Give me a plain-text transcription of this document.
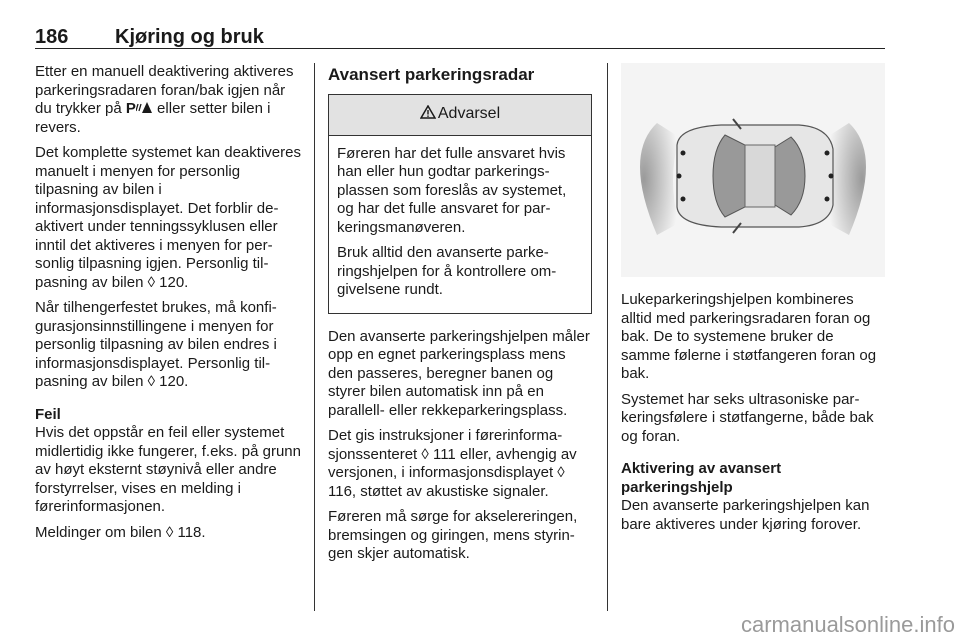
186 Kjøring og bruk

Etter en manuell deaktivering aktiveres parkeringsradaren foran/bak igjen når du trykker på P eller setter bilen i revers.

Det komplette systemet kan deaktiveres manuelt i menyen for personlig tilpasning av bilen i informasjonsdisplayet. Det forblir deaktivert under tenningssyklusen eller inntil det aktiveres i menyen for personlig tilpasning igjen. Personlig tilpasning av bilen ◊ 120.

Når tilhengerfestet brukes, må konfigurasjonsinnstillingene i menyen for personlig tilpasning av bilen endres i informasjonsdisplayet. Personlig tilpasning av bilen ◊ 120.

Feil

Hvis det oppstår en feil eller systemet midlertidig ikke fungerer, f.eks. på grunn av høyt eksternt støynivå eller andre forstyrrelser, vises en melding i førerinformasjonen.

Meldinger om bilen ◊ 118.

Avansert parkeringsradar
Advarsel

Føreren har det fulle ansvaret hvis han eller hun godtar parkeringsplassen som foreslås av systemet, og har det fulle ansvaret for parkeringsmanøveren.

Bruk alltid den avanserte parkeringshjelpen for å kontrollere omgivelsene rundt.

Den avanserte parkeringshjelpen måler opp en egnet parkeringsplass mens den passeres, beregner banen og styrer bilen automatisk inn på en parallell- eller rekkeparkeringsplass.

Det gis instruksjoner i førerinformasjonssenteret ◊ 111 eller, avhengig av versjonen, i informasjonsdisplayet ◊ 116, støttet av akustiske signaler.

Føreren må sørge for akselereringen, bremsingen og giringen, mens styringen skjer automatisk.

Lukeparkeringshjelpen kombineres alltid med parkeringsradaren foran og bak. De to systemene bruker de samme følerne i støtfangeren foran og bak.

Systemet har seks ultrasoniske parkeringsfølere i støtfangerne, både bak og foran.

Aktivering av avansert parkeringshjelp

Den avanserte parkeringshjelpen kan bare aktiveres under kjøring forover.

carmanualsonline.info
